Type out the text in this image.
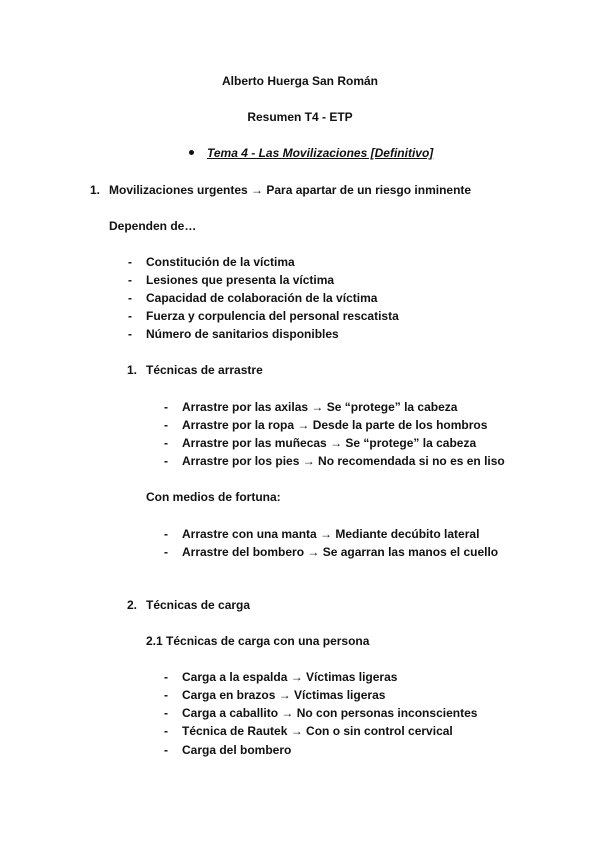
Alberto Huerga San Román
Resumen T4 - ETP
Tema 4 - Las Movilizaciones [Definitivo]
1. Movilizaciones urgentes → Para apartar de un riesgo inminente
Dependen de…
- Constitución de la víctima
- Lesiones que presenta la víctima
- Capacidad de colaboración de la víctima
- Fuerza y corpulencia del personal rescatista
- Número de sanitarios disponibles
1. Técnicas de arrastre
- Arrastre por las axilas → Se “protege” la cabeza
- Arrastre por la ropa → Desde la parte de los hombros
- Arrastre por las muñecas → Se “protege” la cabeza
- Arrastre por los pies → No recomendada si no es en liso
Con medios de fortuna:
- Arrastre con una manta → Mediante decúbito lateral
- Arrastre del bombero → Se agarran las manos el cuello
2. Técnicas de carga
2.1 Técnicas de carga con una persona
- Carga a la espalda → Víctimas ligeras
- Carga en brazos → Víctimas ligeras
- Carga a caballito → No con personas inconscientes
- Técnica de Rautek → Con o sin control cervical
- Carga del bombero
